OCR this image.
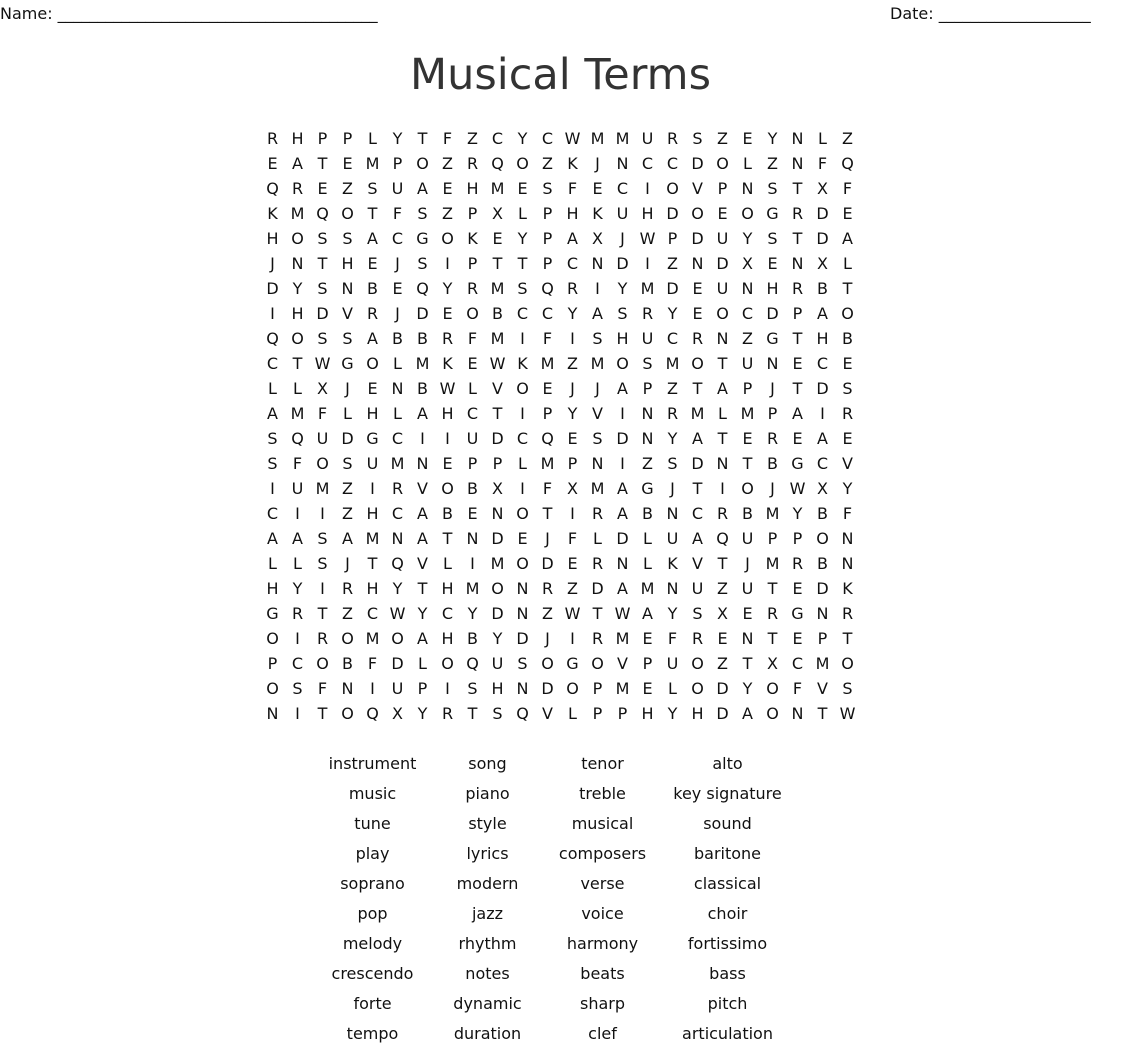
Name: ________________________________________	Date: ___________________
Musical Terms
R H P P L Y T F Z C Y C W M M U R S Z E Y N L Z
E A T E M P O Z R Q O Z K	J	N C C D O L Z N F Q
Q R E Z S U A E H M E S F E C	I	O V P N S T X F
K M Q O T F S Z P X L P H K U H D O E O G R D E
H O S S A C G O K E Y P A X	J W P D U Y S T D A
J	N T H E	J	S	I	P T T P C N D	I	Z N D X E N X L
D Y S N B E Q Y R M S Q R	I	Y M D E U N H R B T
I	H D V R	J	D E O B C C Y A S R Y E O C D P A O
Q O S S A B B R F M I	F	I	S H U C R N Z G T H B
C T W G O L M K E W K M Z M O S M O T U N E C E
L	L X	J	E N B W L V O E	J	J	A P Z T A P	J	T D S
A M F L H L A H C T	I	P Y V	I	N R M L M P A	I	R
S Q U D G C	I	I	U D C Q E S D N Y A T E R E A E
S F O S U M N E P P L M P N	I	Z S D N T B G C V
I	U M Z	I	R V O B X	I	F X M A G	J	T	I	O	J W X Y
C	I	I	Z H C A B E N O T	I	R A B N C R B M Y B F
A A S A M N A T N D E	J	F L D L U A Q U P P O N
L	L S	J	T Q V L	I M O D E R N L K V T	J M R B N
H Y	I	R H Y T H M O N R Z D A M N U Z U T E D K
G R T Z C W Y C Y D N Z W T W A Y S X E R G N R
O	I	R O M O A H B Y D	J	I	R M E F R E N T E P T
P C O B F D L O Q U S O G O V P U O Z T X C M O
O S F N	I	U P	I	S H N D O P M E L O D Y O F V S
N	I	T O Q X Y R T S Q V L P P H Y H D A O N T W
instrument	song	tenor	alto
music	piano	treble	key signature
tune	style	musical	sound
play	lyrics	composers	baritone
soprano	modern	verse	classical
pop	jazz	voice	choir
melody	rhythm	harmony	fortissimo
crescendo	notes	beats	bass
forte	dynamic	sharp	pitch
tempo	duration	clef	articulation
